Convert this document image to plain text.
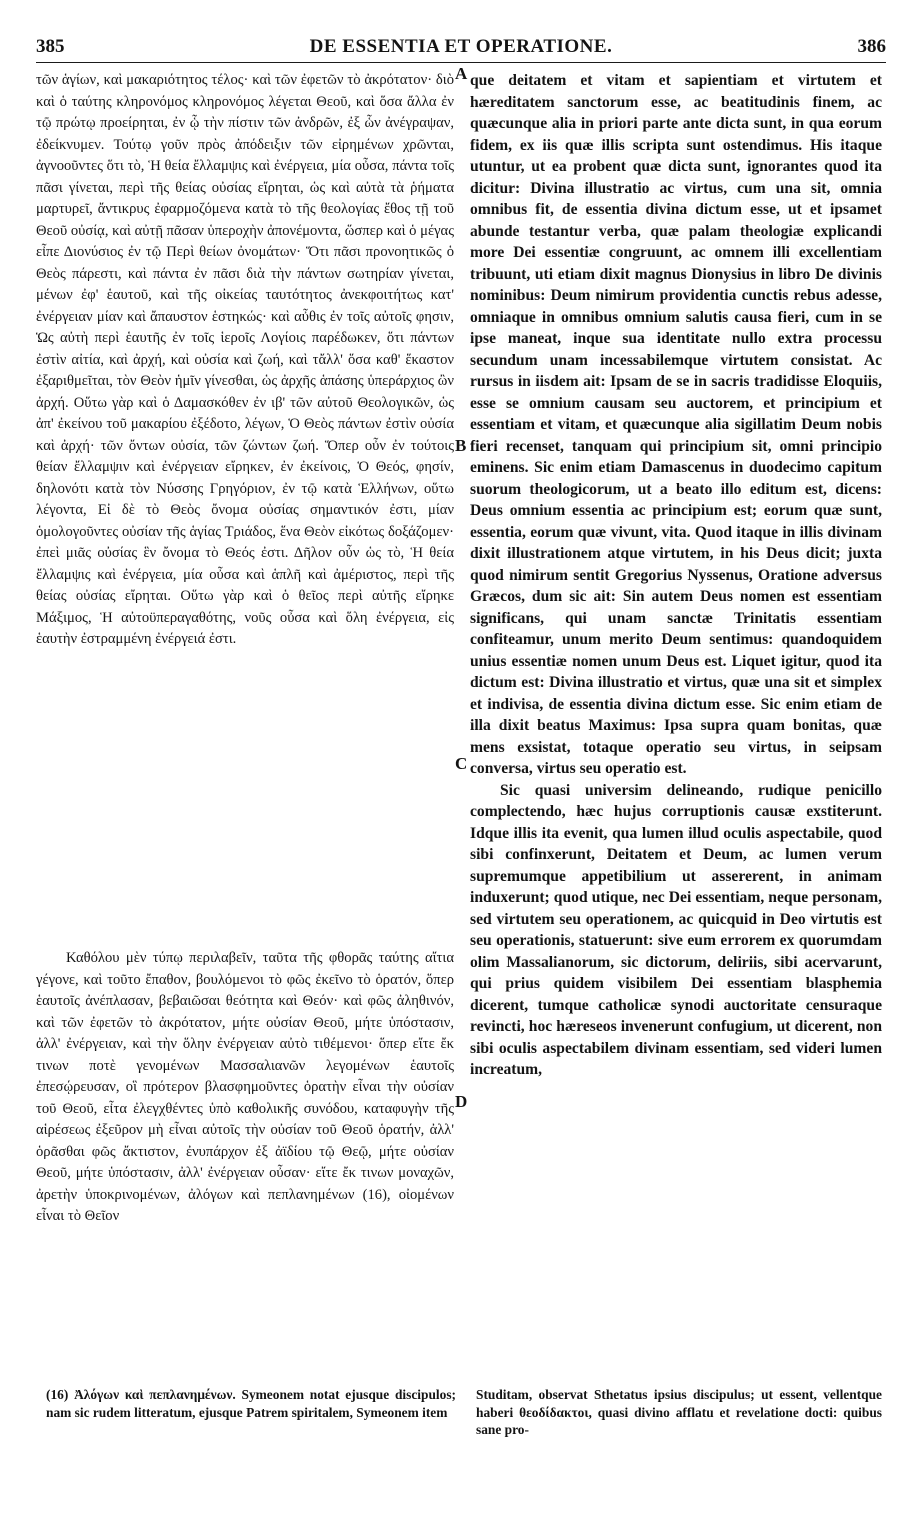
385	DE ESSENTIA ET OPERATIONE.	386
A
B
C
D

τῶν ἁγίων, καὶ μακαριότητος τέλος· καὶ τῶν ἐφετῶν τὸ ἀκρότατον· διὸ καὶ ὁ ταύτης κληρονόμος κληρονόμος λέγεται Θεοῦ, καὶ ὅσα ἄλλα ἐν τῷ πρώτῳ προείρηται, ἐν ᾧ τὴν πίστιν τῶν ἀνδρῶν, ἐξ ὧν ἀνέγραψαν, ἐδείκνυμεν. Τούτῳ γοῦν πρὸς ἀπόδειξιν τῶν εἰρημένων χρῶνται, ἀγνοοῦντες ὅτι τὸ, Ἡ θεία ἔλλαμψις καὶ ἐνέργεια, μία οὖσα, πάντα τοῖς πᾶσι γίνεται, περὶ τῆς θείας οὐσίας εἴρηται, ὡς καὶ αὐτὰ τὰ ῥήματα μαρτυρεῖ, ἄντικρυς ἐφαρμοζόμενα κατὰ τὸ τῆς θεολογίας ἔθος τῇ τοῦ Θεοῦ οὐσίᾳ, καὶ αὐτῇ πᾶσαν ὑπεροχὴν ἀπονέμοντα, ὥσπερ καὶ ὁ μέγας εἶπε Διονύσιος ἐν τῷ Περὶ θείων ὀνομάτων· Ὅτι πᾶσι προνοητικῶς ὁ Θεὸς πάρεστι, καὶ πάντα ἐν πᾶσι διὰ τὴν πάντων σωτηρίαν γίνεται, μένων ἐφ' ἑαυτοῦ, καὶ τῆς οἰκείας ταυτότητος ἀνεκφοιτήτως κατ' ἐνέργειαν μίαν καὶ ἄπαυστον ἑστηκώς· καὶ αὖθις ἐν τοῖς αὐτοῖς φησιν, Ὡς αὐτὴ περὶ ἑαυτῆς ἐν τοῖς ἱεροῖς Λογίοις παρέδωκεν, ὅτι πάντων ἐστὶν αἰτία, καὶ ἀρχή, καὶ οὐσία καὶ ζωή, καὶ τἄλλ' ὅσα καθ' ἕκαστον ἐξαριθμεῖται, τὸν Θεὸν ἡμῖν γίνεσθαι, ὡς ἀρχῆς ἁπάσης ὑπεράρχιος ὢν ἀρχή. Οὕτω γὰρ καὶ ὁ Δαμασκόθεν ἐν ιβ' τῶν αὐτοῦ Θεολογικῶν, ὡς ἀπ' ἐκείνου τοῦ μακαρίου ἐξέδοτο, λέγων, Ὁ Θεὸς πάντων ἐστὶν οὐσία καὶ ἀρχή· τῶν ὄντων οὐσία, τῶν ζώντων ζωή. Ὅπερ οὖν ἐν τούτοις θείαν ἔλλαμψιν καὶ ἐνέργειαν εἴρηκεν, ἐν ἐκείνοις, Ὁ Θεός, φησίν, δηλονότι κατὰ τὸν Νύσσης Γρηγόριον, ἐν τῷ κατὰ Ἑλλήνων, οὕτω λέγοντα, Εἰ δὲ τὸ Θεὸς ὄνομα οὐσίας σημαντικόν ἐστι, μίαν ὁμολογοῦντες οὐσίαν τῆς ἁγίας Τριάδος, ἕνα Θεὸν εἰκότως δοξάζομεν· ἐπεὶ μιᾶς οὐσίας ἓν ὄνομα τὸ Θεός ἐστι. Δῆλον οὖν ὡς τὸ, Ἡ θεία ἔλλαμψις καὶ ἐνέργεια, μία οὖσα καὶ ἁπλῆ καὶ ἀμέριστος, περὶ τῆς θείας οὐσίας εἴρηται. Οὕτω γὰρ καὶ ὁ θεῖος περὶ αὐτῆς εἴρηκε Μάξιμος, Ἡ αὐτοϋπεραγαθότης, νοῦς οὖσα καὶ ὅλη ἐνέργεια, εἰς ἑαυτὴν ἐστραμμένη ἐνέργειά ἐστι.

Καθόλου μὲν τύπῳ περιλαβεῖν, ταῦτα τῆς φθορᾶς ταύτης αἴτια γέγονε, καὶ τοῦτο ἔπαθον, βουλόμενοι τὸ φῶς ἐκεῖνο τὸ ὁρατόν, ὅπερ ἑαυτοῖς ἀνέπλασαν, βεβαιῶσαι θεότητα καὶ Θεόν· καὶ φῶς ἀληθινόν, καὶ τῶν ἐφετῶν τὸ ἀκρότατον, μήτε οὐσίαν Θεοῦ, μήτε ὑπόστασιν, ἀλλ' ἐνέργειαν, καὶ τὴν ὅλην ἐνέργειαν αὐτὸ τιθέμενοι· ὅπερ εἴτε ἔκ τινων ποτὲ γενομένων Μασσαλιανῶν λεγομένων ἑαυτοῖς ἐπεσῴρευσαν, οἳ πρότερον βλασφημοῦντες ὁρατὴν εἶναι τὴν οὐσίαν τοῦ Θεοῦ, εἶτα ἐλεγχθέντες ὑπὸ καθολικῆς συνόδου, καταφυγὴν τῆς αἱρέσεως ἐξεῦρον μὴ εἶναι αὐτοῖς τὴν οὐσίαν τοῦ Θεοῦ ὁρατήν, ἀλλ' ὁρᾶσθαι φῶς ἄκτιστον, ἐνυπάρχον ἐξ ἀϊδίου τῷ Θεῷ, μήτε οὐσίαν Θεοῦ, μήτε ὑπόστασιν, ἀλλ' ἐνέργειαν οὖσαν· εἴτε ἔκ τινων μοναχῶν, ἀρετὴν ὑποκρινομένων, ἀλόγων καὶ πεπλανημένων (16), οἰομένων εἶναι τὸ Θεῖον

que deitatem et vitam et sapientiam et virtutem et hæreditatem sanctorum esse, ac beatitudinis finem, ac quæcunque alia in priori parte ante dicta sunt, in qua eorum fidem, ex iis quæ illis scripta sunt ostendimus. His itaque utuntur, ut ea probent quæ dicta sunt, ignorantes quod ita dicitur: Divina illustratio ac virtus, cum una sit, omnia omnibus fit, de essentia divina dictum esse, ut et ipsamet abunde testantur verba, quæ palam theologiæ explicandi more Dei essentiæ congruunt, ac omnem illi excellentiam tribuunt, uti etiam dixit magnus Dionysius in libro De divinis nominibus: Deum nimirum providentia cunctis rebus adesse, omniaque in omnibus omnium salutis causa fieri, cum in se ipse maneat, inque sua identitate nullo extra processu secundum unam incessabilemque virtutem consistat. Ac rursus in iisdem ait: Ipsam de se in sacris tradidisse Eloquiis, esse se omnium causam seu auctorem, et principium et essentiam et vitam, et quæcunque alia sigillatim Deum nobis fieri recenset, tanquam qui principium sit, omni principio eminens. Sic enim etiam Damascenus in duodecimo capitum suorum theologicorum, ut a beato illo editum est, dicens: Deus omnium essentia ac principium est; eorum quæ sunt, essentia, eorum quæ vivunt, vita. Quod itaque in illis divinam dixit illustrationem atque virtutem, in his Deus dicit; juxta quod nimirum sentit Gregorius Nyssenus, Oratione adversus Græcos, dum sic ait: Sin autem Deus nomen est essentiam significans, qui unam sanctæ Trinitatis essentiam confiteamur, unum merito Deum sentimus: quandoquidem unius essentiæ nomen unum Deus est. Liquet igitur, quod ita dictum est: Divina illustratio et virtus, quæ una sit et simplex et indivisa, de essentia divina dictum esse. Sic enim etiam de illa dixit beatus Maximus: Ipsa supra quam bonitas, quæ mens exsistat, totaque operatio seu virtus, in seipsam conversa, virtus seu operatio est.

Sic quasi universim delineando, rudique penicillo complectendo, hæc hujus corruptionis causæ exstiterunt. Idque illis ita evenit, qua lumen illud oculis aspectabile, quod sibi confinxerunt, Deitatem et Deum, ac lumen verum supremumque appetibilium ut assererent, in animam induxerunt; quod utique, nec Dei essentiam, neque personam, sed virtutem seu operationem, ac quicquid in Deo virtutis est seu operationis, statuerunt: sive eum errorem ex quorumdam olim Massalianorum, sic dictorum, deliriis, sibi acervarunt, qui prius quidem visibilem Dei essentiam blasphemia dicerent, tumque catholicæ synodi auctoritate censuraque revincti, hoc hæreseos invenerunt confugium, ut dicerent, non sibi oculis aspectabilem divinam essentiam, sed videri lumen increatum,

(16) Ἀλόγων καὶ πεπλανημένων. Symeonem notat ejusque discipulos; nam sic rudem litteratum, ejusque Patrem spiritalem, Symeonem item
Studitam, observat Sthetatus ipsius discipulus; ut essent, vellentque haberi θεοδίδακτοι, quasi divino afflatu et revelatione docti: quibus sane pro-
